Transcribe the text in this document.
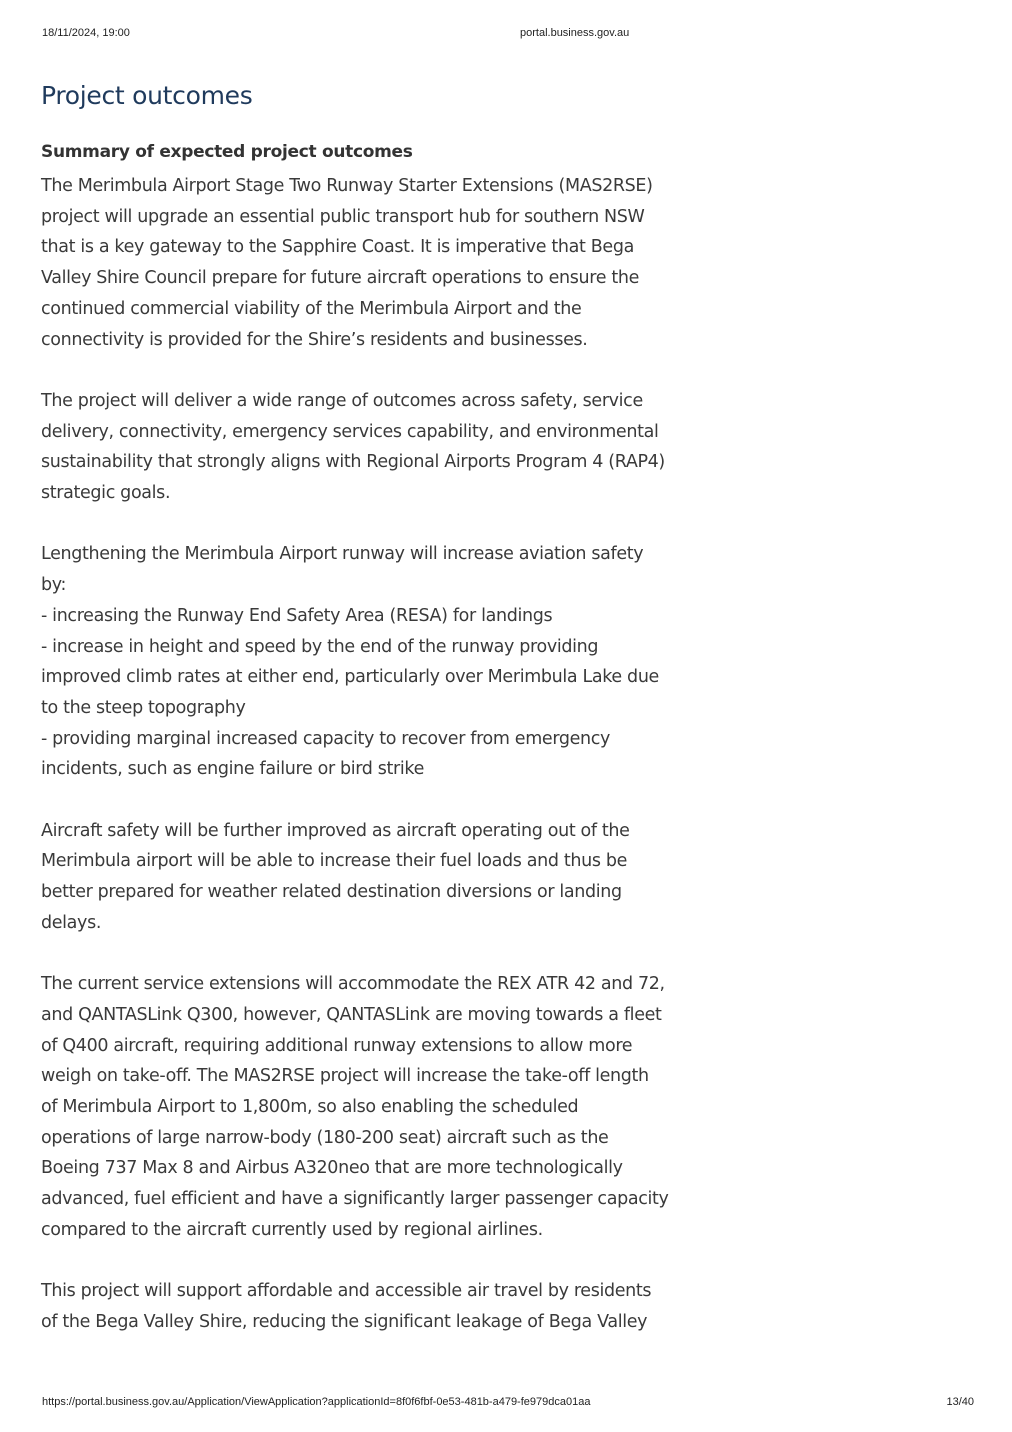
18/11/2024, 19:00	portal.business.gov.au
Project outcomes
Summary of expected project outcomes

The Merimbula Airport Stage Two Runway Starter Extensions (MAS2RSE)
project will upgrade an essential public transport hub for southern NSW
that is a key gateway to the Sapphire Coast. It is imperative that Bega
Valley Shire Council prepare for future aircraft operations to ensure the
continued commercial viability of the Merimbula Airport and the
connectivity is provided for the Shire’s residents and businesses.

The project will deliver a wide range of outcomes across safety, service
delivery, connectivity, emergency services capability, and environmental
sustainability that strongly aligns with Regional Airports Program 4 (RAP4)
strategic goals.

Lengthening the Merimbula Airport runway will increase aviation safety
by:
- increasing the Runway End Safety Area (RESA) for landings
- increase in height and speed by the end of the runway providing
improved climb rates at either end, particularly over Merimbula Lake due
to the steep topography
- providing marginal increased capacity to recover from emergency
incidents, such as engine failure or bird strike

Aircraft safety will be further improved as aircraft operating out of the
Merimbula airport will be able to increase their fuel loads and thus be
better prepared for weather related destination diversions or landing
delays.

The current service extensions will accommodate the REX ATR 42 and 72,
and QANTASLink Q300, however, QANTASLink are moving towards a fleet
of Q400 aircraft, requiring additional runway extensions to allow more
weigh on take-off. The MAS2RSE project will increase the take-off length
of Merimbula Airport to 1,800m, so also enabling the scheduled
operations of large narrow-body (180-200 seat) aircraft such as the
Boeing 737 Max 8 and Airbus A320neo that are more technologically
advanced, fuel efficient and have a significantly larger passenger capacity
compared to the aircraft currently used by regional airlines.

This project will support affordable and accessible air travel by residents
of the Bega Valley Shire, reducing the significant leakage of Bega Valley

https://portal.business.gov.au/Application/ViewApplication?applicationId=8f0f6fbf-0e53-481b-a479-fe979dca01aa	13/40
